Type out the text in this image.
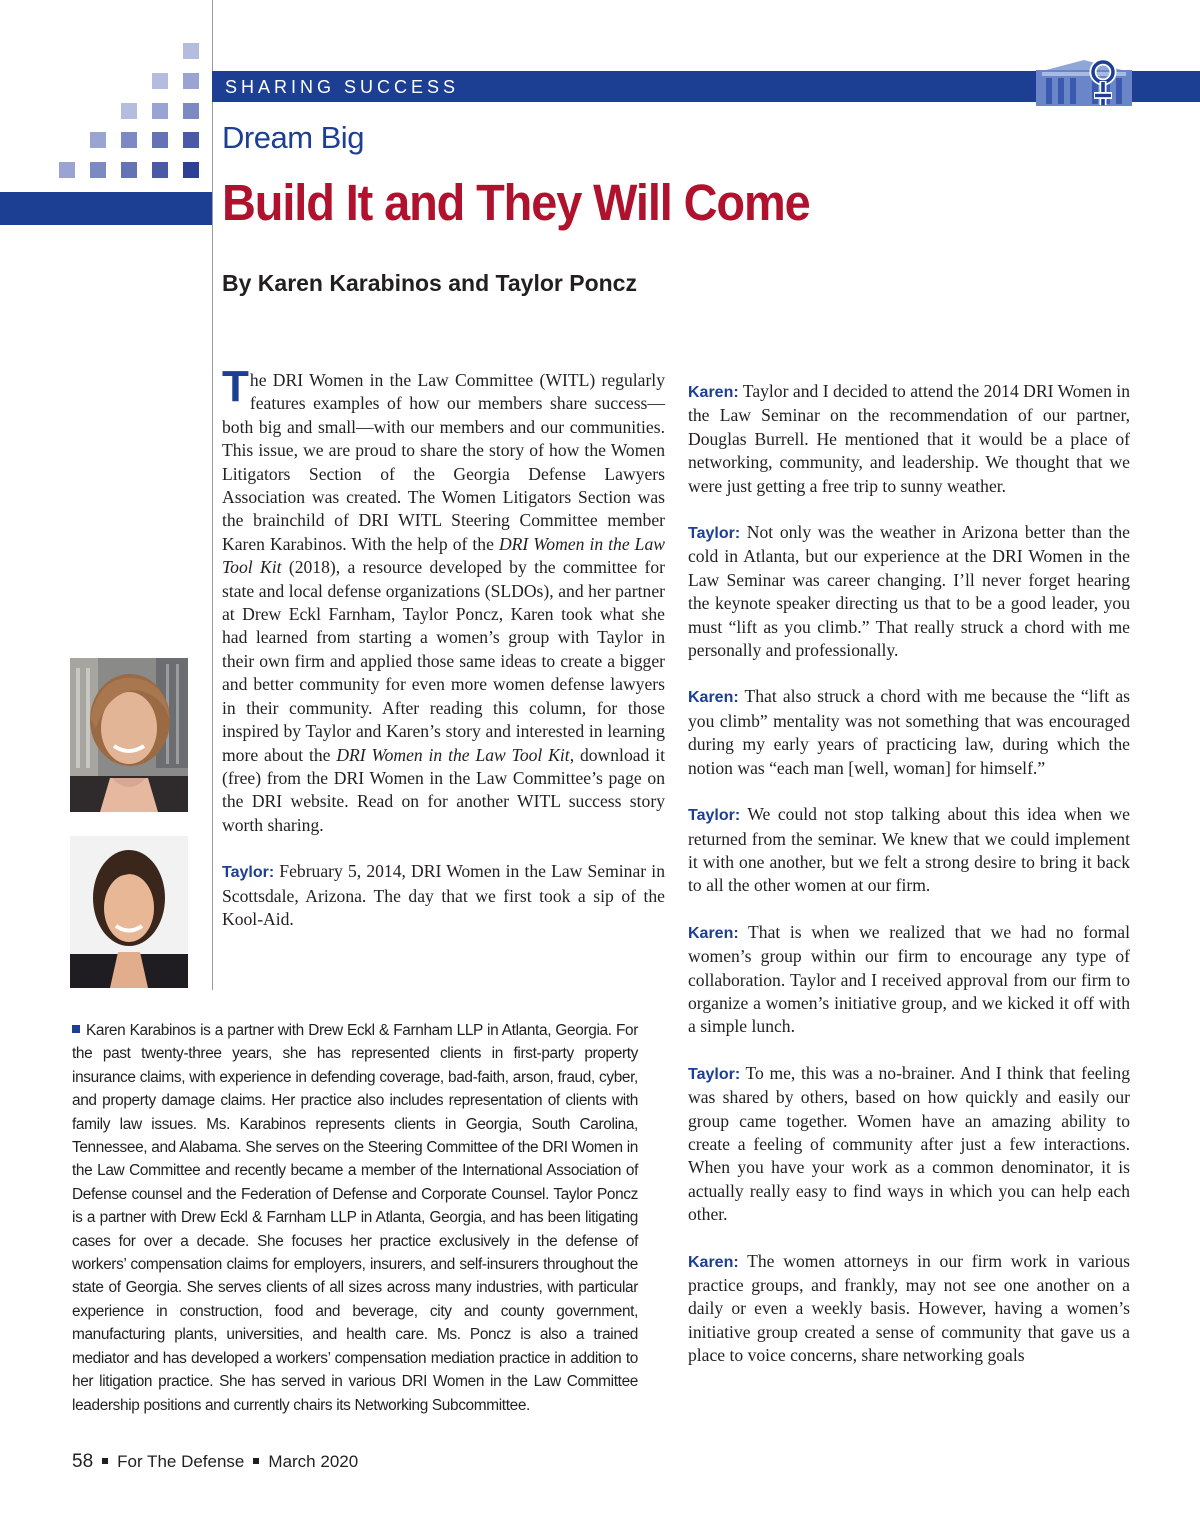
SHARING SUCCESS
Dream Big
Build It and They Will Come
By Karen Karabinos and Taylor Poncz

The DRI Women in the Law Committee (WITL) regularly features examples of how our members share success—both big and small—with our members and our communities. This issue, we are proud to share the story of how the Women Litigators Section of the Georgia Defense Lawyers Association was created. The Women Litigators Section was the brainchild of DRI WITL Steering Committee member Karen Karabinos. With the help of the DRI Women in the Law Tool Kit (2018), a resource developed by the committee for state and local defense organizations (SLDOs), and her partner at Drew Eckl Farnham, Taylor Poncz, Karen took what she had learned from starting a women’s group with Taylor in their own firm and applied those same ideas to create a bigger and better community for even more women defense lawyers in their community. After reading this column, for those inspired by Taylor and Karen’s story and interested in learning more about the DRI Women in the Law Tool Kit, download it (free) from the DRI Women in the Law Committee’s page on the DRI website. Read on for another WITL success story worth sharing.

Taylor: February 5, 2014, DRI Women in the Law Seminar in Scottsdale, Arizona. The day that we first took a sip of the Kool-Aid.

Karen: Taylor and I decided to attend the 2014 DRI Women in the Law Seminar on the recommendation of our partner, Douglas Burrell. He mentioned that it would be a place of networking, community, and leadership. We thought that we were just getting a free trip to sunny weather.

Taylor: Not only was the weather in Arizona better than the cold in Atlanta, but our experience at the DRI Women in the Law Seminar was career changing. I’ll never forget hearing the keynote speaker directing us that to be a good leader, you must “lift as you climb.” That really struck a chord with me personally and professionally.

Karen: That also struck a chord with me because the “lift as you climb” mentality was not something that was encouraged during my early years of practicing law, during which the notion was “each man [well, woman] for himself.”

Taylor: We could not stop talking about this idea when we returned from the seminar. We knew that we could implement it with one another, but we felt a strong desire to bring it back to all the other women at our firm.

Karen: That is when we realized that we had no formal women’s group within our firm to encourage any type of collaboration. Taylor and I received approval from our firm to organize a women’s initiative group, and we kicked it off with a simple lunch.

Taylor: To me, this was a no-brainer. And I think that feeling was shared by others, based on how quickly and easily our group came together. Women have an amazing ability to create a feeling of community after just a few interactions. When you have your work as a common denominator, it is actually really easy to find ways in which you can help each other.

Karen: The women attorneys in our firm work in various practice groups, and frankly, may not see one another on a daily or even a weekly basis. However, having a women’s initiative group created a sense of community that gave us a place to voice concerns, share networking goals

Karen Karabinos is a partner with Drew Eckl & Farnham LLP in Atlanta, Georgia. For the past twenty-three years, she has represented clients in first-party property insurance claims, with experience in defending coverage, bad-faith, arson, fraud, cyber, and property damage claims. Her practice also includes representation of clients with family law issues. Ms. Karabinos represents clients in Georgia, South Carolina, Tennessee, and Alabama. She serves on the Steering Committee of the DRI Women in the Law Committee and recently became a member of the International Association of Defense counsel and the Federation of Defense and Corporate Counsel. Taylor Poncz is a partner with Drew Eckl & Farnham LLP in Atlanta, Georgia, and has been litigating cases for over a decade. She focuses her practice exclusively in the defense of workers’ compensation claims for employers, insurers, and self-insurers throughout the state of Georgia. She serves clients of all sizes across many industries, with particular experience in construction, food and beverage, city and county government, manufacturing plants, universities, and health care. Ms. Poncz is also a trained mediator and has developed a workers’ compensation mediation practice in addition to her litigation practice. She has served in various DRI Women in the Law Committee leadership positions and currently chairs its Networking Subcommittee.
58 For The Defense March 2020
